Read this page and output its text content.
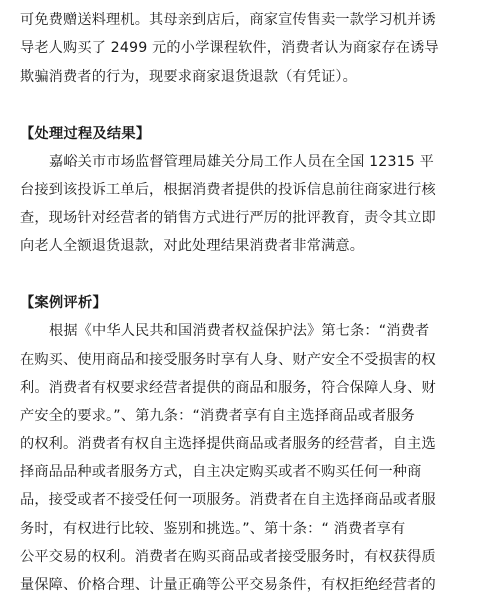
可免费赠送料理机。其母亲到店后，商家宣传售卖一款学习机并诱
导老人购买了 2499 元的小学课程软件，消费者认为商家存在诱导
欺骗消费者的行为，现要求商家退货退款（有凭证）。
【处理过程及结果】
嘉峪关市市场监督管理局雄关分局工作人员在全国 12315 平
台接到该投诉工单后，根据消费者提供的投诉信息前往商家进行核
查，现场针对经营者的销售方式进行严厉的批评教育，责令其立即
向老人全额退货退款，对此处理结果消费者非常满意。
【案例评析】
根据《中华人民共和国消费者权益保护法》第七条：“消费者
在购买、使用商品和接受服务时享有人身、财产安全不受损害的权
利。消费者有权要求经营者提供的商品和服务，符合保障人身、财
产安全的要求。”、第九条：“消费者享有自主选择商品或者服务
的权利。消费者有权自主选择提供商品或者服务的经营者，自主选
择商品品种或者服务方式，自主决定购买或者不购买任何一种商
品，接受或者不接受任何一项服务。消费者在自主选择商品或者服
务时，有权进行比较、鉴别和挑选。”、第十条：“ 消费者享有
公平交易的权利。消费者在购买商品或者接受服务时，有权获得质
量保障、价格合理、计量正确等公平交易条件，有权拒绝经营者的
